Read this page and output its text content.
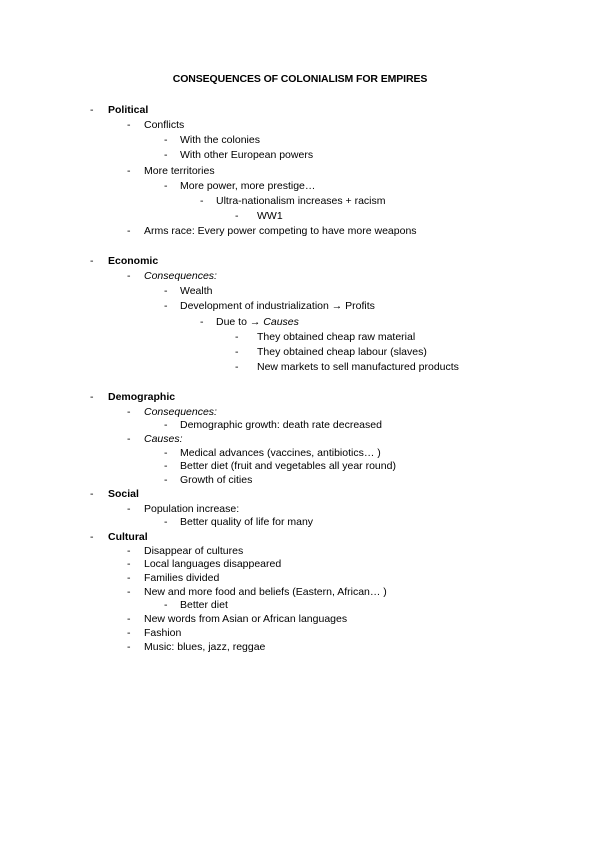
CONSEQUENCES OF COLONIALISM FOR EMPIRES
- Political
- Conflicts
- With the colonies
- With other European powers
- More territories
- More power, more prestige…
- Ultra-nationalism increases + racism
- WW1
- Arms race: Every power competing to have more weapons
- Economic
- Consequences:
- Wealth
- Development of industrialization → Profits
- Due to → Causes
- They obtained cheap raw material
- They obtained cheap labour (slaves)
- New markets to sell manufactured products
- Demographic
- Consequences:
- Demographic growth: death rate decreased
- Causes:
- Medical advances (vaccines, antibiotics… )
- Better diet (fruit and vegetables all year round)
- Growth of cities
- Social
- Population increase:
- Better quality of life for many
- Cultural
- Disappear of cultures
- Local languages disappeared
- Families divided
- New and more food and beliefs (Eastern, African… )
- Better diet
- New words from Asian or African languages
- Fashion
- Music: blues, jazz, reggae
